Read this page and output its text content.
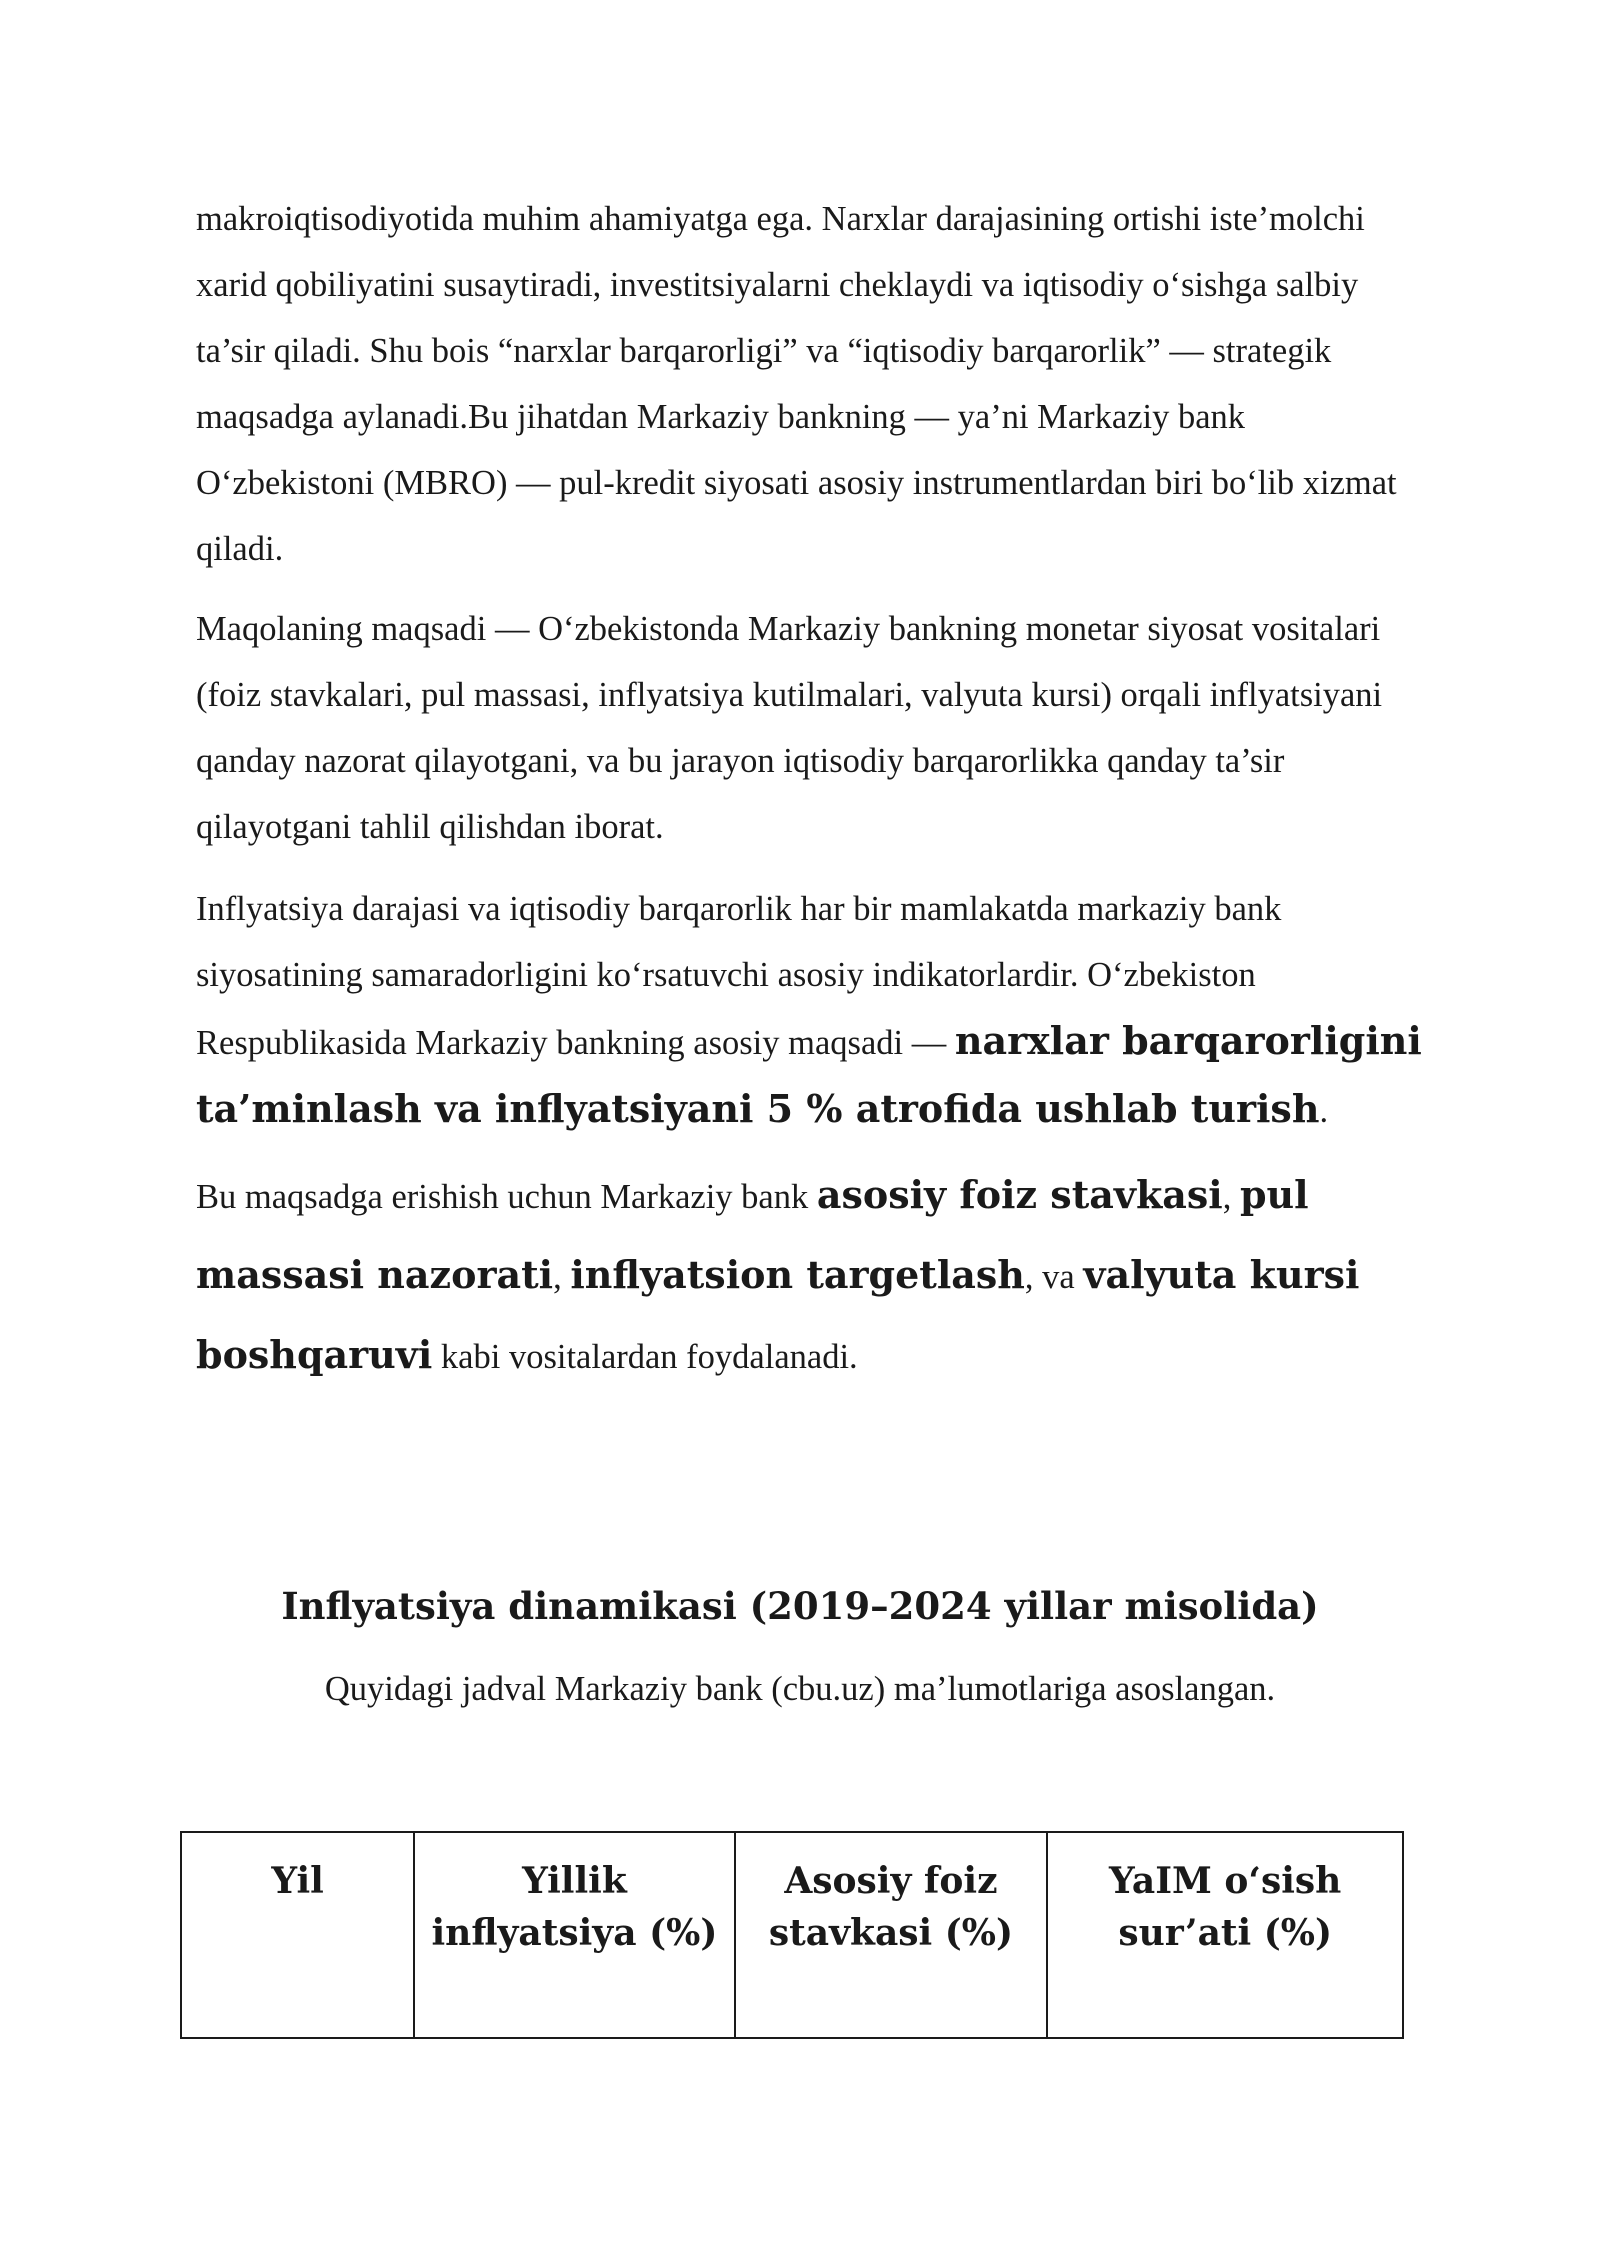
makroiqtisodiyotida muhim ahamiyatga ega. Narxlar darajasining ortishi iste’molchi xarid qobiliyatini susaytiradi, investitsiyalarni cheklaydi va iqtisodiy o‘sishga salbiy ta’sir qiladi. Shu bois “narxlar barqarorligi” va “iqtisodiy barqarorlik” — strategik maqsadga aylanadi.Bu jihatdan Markaziy bankning — ya’ni Markaziy bank O‘zbekistoni (MBRO) — pul-kredit siyosati asosiy instrumentlardan biri bo‘lib xizmat qiladi.

Maqolaning maqsadi — O‘zbekistonda Markaziy bankning monetar siyosat vositalari (foiz stavkalari, pul massasi, inflyatsiya kutilmalari, valyuta kursi) orqali inflyatsiyani qanday nazorat qilayotgani, va bu jarayon iqtisodiy barqarorlikka qanday ta’sir qilayotgani tahlil qilishdan iborat.

Inflyatsiya darajasi va iqtisodiy barqarorlik har bir mamlakatda markaziy bank siyosatining samaradorligini ko‘rsatuvchi asosiy indikatorlardir. O‘zbekiston Respublikasida Markaziy bankning asosiy maqsadi — narxlar barqarorligini ta’minlash va inflyatsiyani 5 % atrofida ushlab turish.

Bu maqsadga erishish uchun Markaziy bank asosiy foiz stavkasi, pul massasi nazorati, inflyatsion targetlash, va valyuta kursi boshqaruvi kabi vositalardan foydalanadi.

Inflyatsiya dinamikasi (2019–2024 yillar misolida)
Quyidagi jadval Markaziy bank (cbu.uz) ma’lumotlariga asoslangan.
Yil	Yillik inflyatsiya (%)	Asosiy foiz stavkasi (%)	YaIM o‘sish sur’ati (%)
